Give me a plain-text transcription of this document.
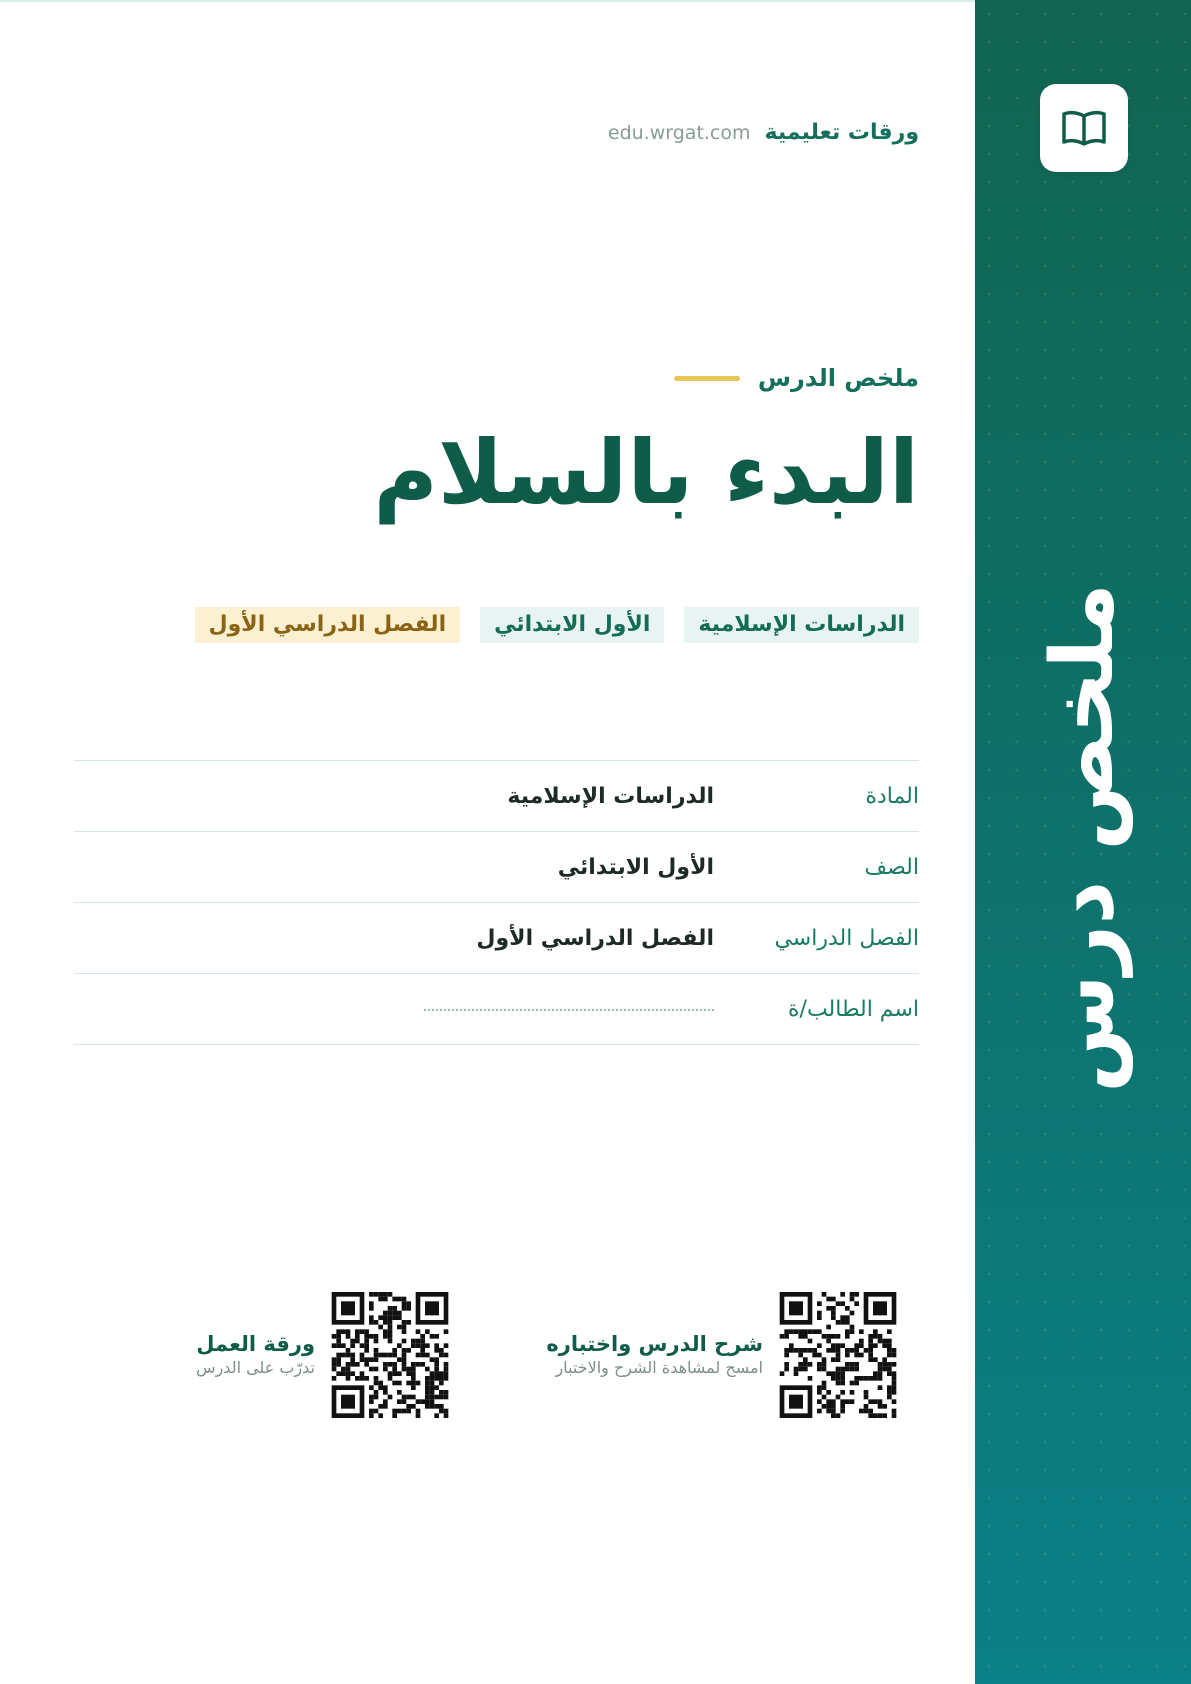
ملخص درس
ورقات تعليمية
edu.wrgat.com
ملخص الدرس
البدء بالسلام
الدراسات الإسلامية
الأول الابتدائي
الفصل الدراسي الأول
المادة
الدراسات الإسلامية
الصف
الأول الابتدائي
الفصل الدراسي
الفصل الدراسي الأول
اسم الطالب/ة
شرح الدرس واختباره
امسح لمشاهدة الشرح والاختبار
ورقة العمل
تدرّب على الدرس
